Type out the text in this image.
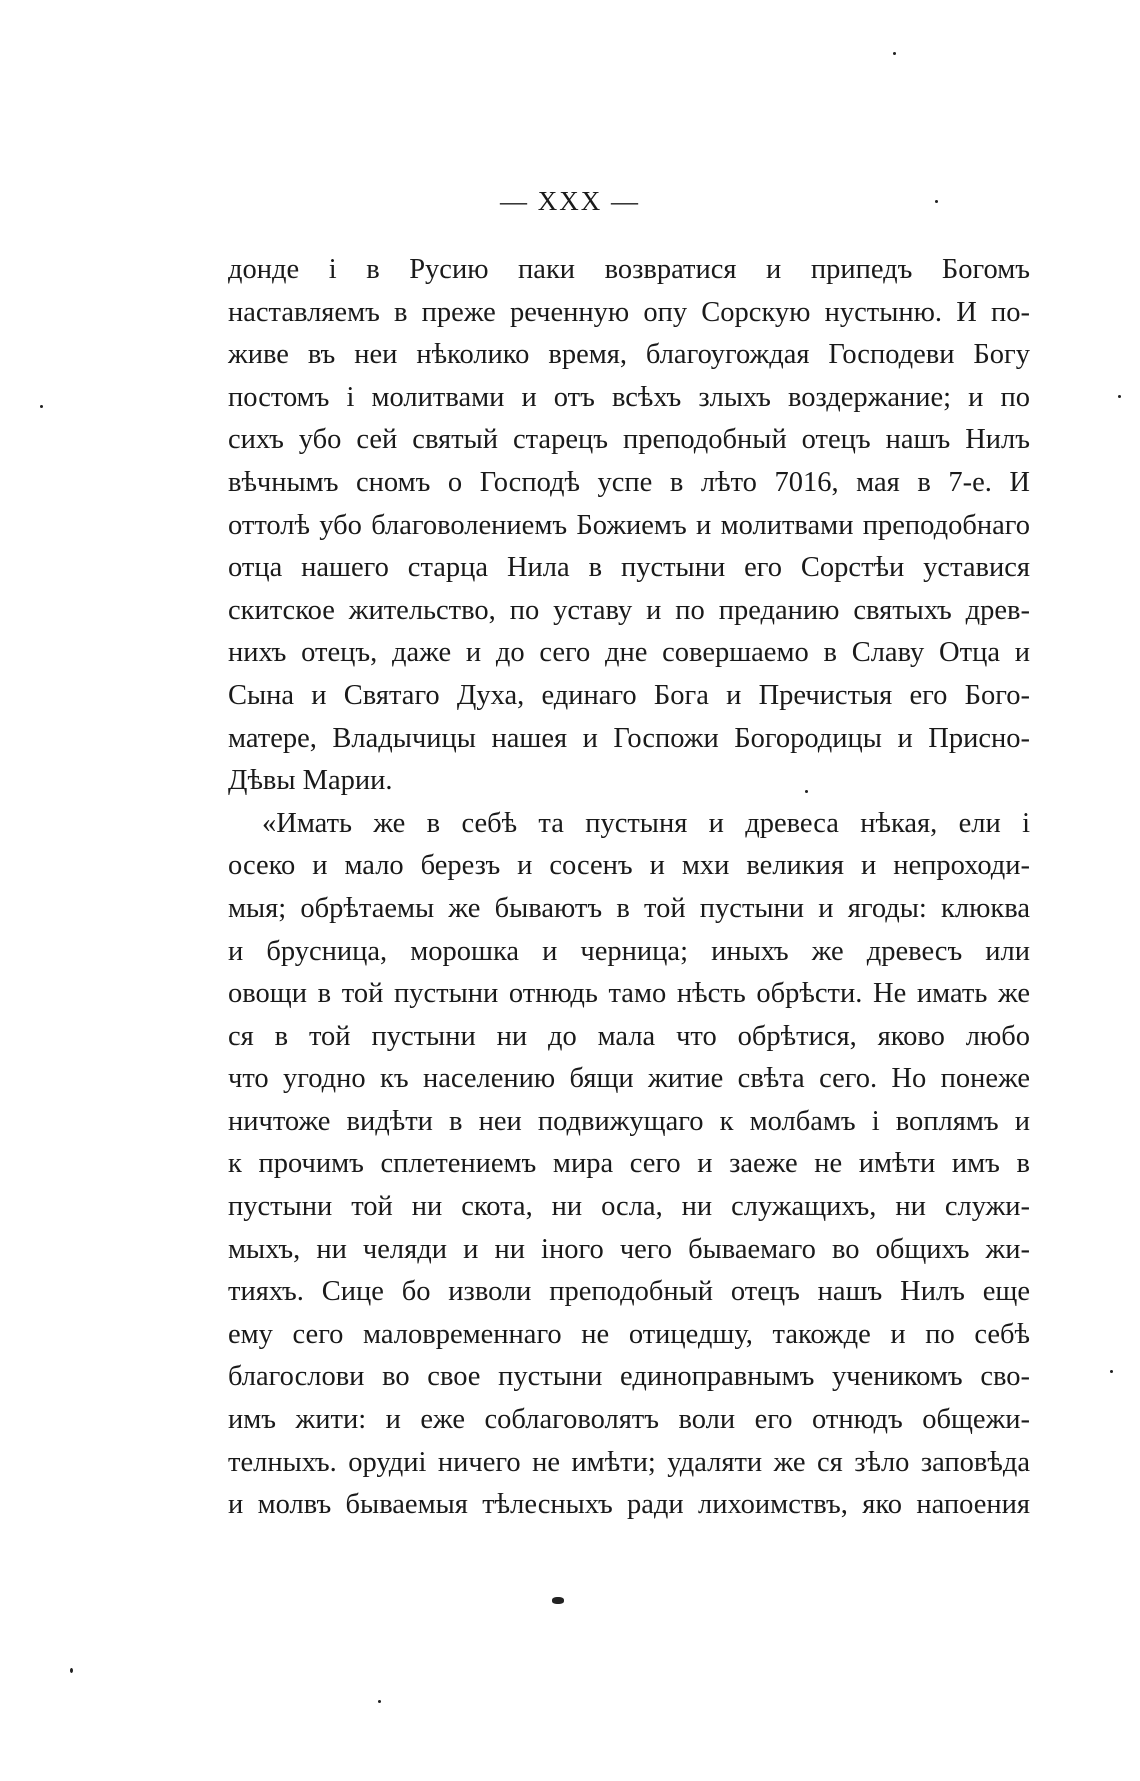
— XXX —
донде і в Русию паки возвратися и припедъ Богомъ
наставляемъ в преже реченную опу Сорскую нустыню. И по-
живе въ неи нѣколико время, благоугождая Господеви Богу
постомъ і молитвами и отъ всѣхъ злыхъ воздержание; и по
сихъ убо сей святый старецъ преподобный отецъ нашъ Нилъ
вѣчнымъ сномъ о Господѣ успе в лѣто 7016, мая в 7-е. И
оттолѣ убо благоволениемъ Божиемъ и молитвами преподобнаго
отца нашего старца Нила в пустыни его Сорстѣи уставися
скитское жительство, по уставу и по преданию святыхъ древ-
нихъ отецъ, даже и до сего дне совершаемо в Славу Отца и
Сына и Святаго Духа, единаго Бога и Пречистыя его Бого-
матере, Владычицы нашея и Госпожи Богородицы и Присно-
Дѣвы Марии.
«Имать же в себѣ та пустыня и древеса нѣкая, ели і
осеко и мало березъ и сосенъ и мхи великия и непроходи-
мыя; обрѣтаемы же бываютъ в той пустыни и ягоды: клюква
и брусница, морошка и черница; иныхъ же древесъ или
овощи в той пустыни отнюдь тамо нѣсть обрѣсти. Не имать же
ся в той пустыни ни до мала что обрѣтися, яково любо
что угодно къ населению бящи житие свѣта сего. Но понеже
ничтоже видѣти в неи подвижущаго к молбамъ і воплямъ и
к прочимъ сплетениемъ мира сего и заеже не имѣти имъ в
пустыни той ни скота, ни осла, ни служащихъ, ни служи-
мыхъ, ни челяди и ни іного чего бываемаго во общихъ жи-
тияхъ. Сице бо изволи преподобный отецъ нашъ Нилъ еще
ему сего маловременнаго не отицедшу, такожде и по себѣ
благослови во свое пустыни единоправнымъ ученикомъ сво-
имъ жити: и еже соблаговолятъ воли его отнюдъ общежи-
телныхъ. орудиі ничего не имѣти; удаляти же ся зѣло заповѣда
и молвъ бываемыя тѣлесныхъ ради лихоимствъ, яко напоения
